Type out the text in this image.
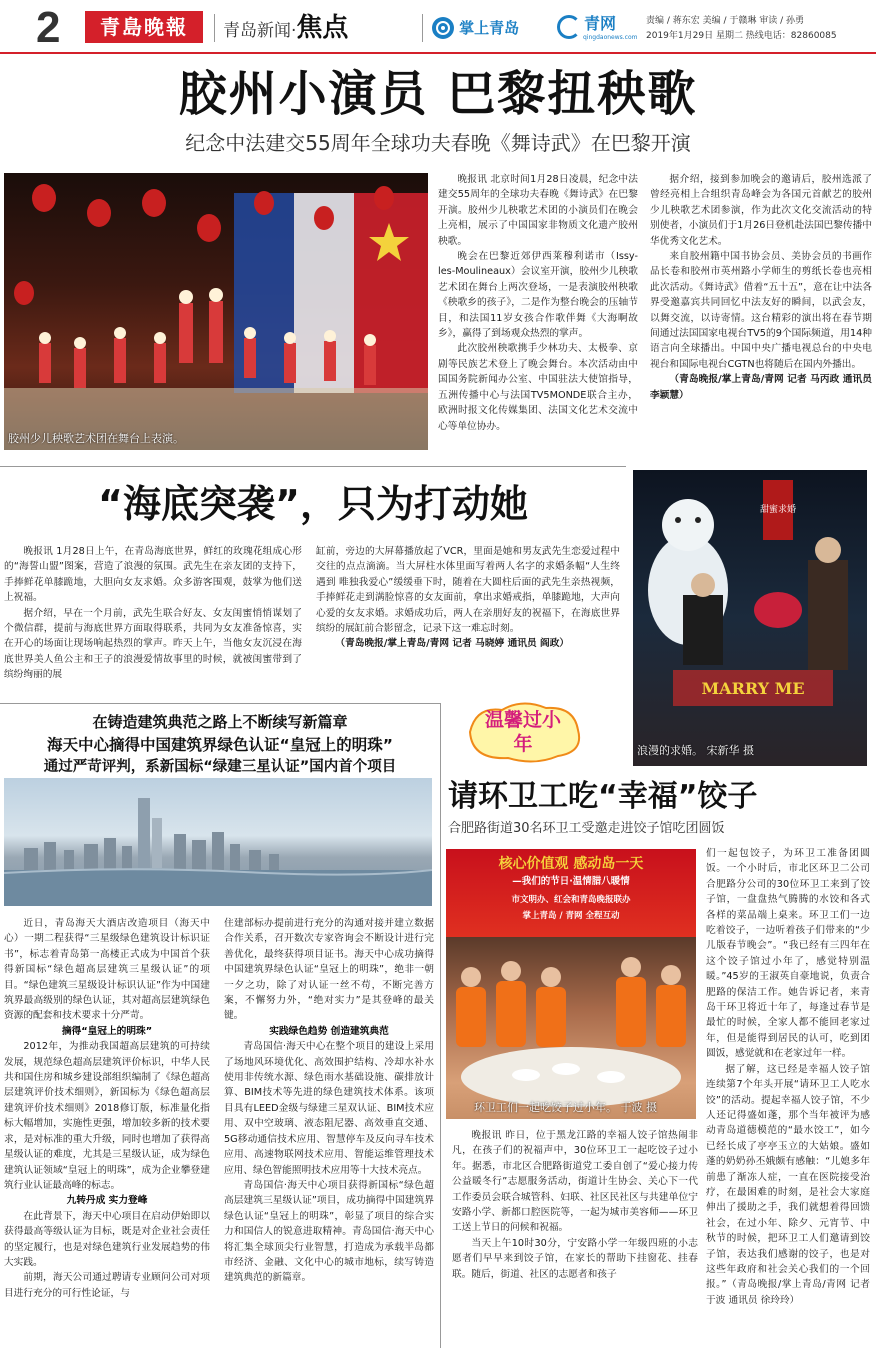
2	青島晚報	青岛新闻·焦点	掌上青岛	青网
qingdaonews.com
责编 / 蒋东宏 美编 / 于赣琳 审读 / 孙勇
2019年1月29日 星期二 热线电话：82860085
胶州小演员 巴黎扭秧歌
纪念中法建交55周年全球功夫春晚《舞诗武》在巴黎开演
胶州少儿秧歌艺术团在舞台上表演。

晚报讯 北京时间1月28日凌晨，纪念中法建交55周年的全球功夫春晚《舞诗武》在巴黎开演。胶州少儿秧歌艺术团的小演员们在晚会上亮相，展示了中国国家非物质文化遗产胶州秧歌。

晚会在巴黎近郊伊西莱穆利诺市（Issy-les-Moulineaux）会议室开演，胶州少儿秧歌艺术团在舞台上两次登场，一是表演胶州秧歌《秧歌乡的孩子》，二是作为整台晚会的压轴节目，和法国11岁女孩合作歌伴舞《大海啊故乡》，赢得了到场观众热烈的掌声。

此次胶州秧歌携手少林功夫、太极拳、京剧等民族艺术登上了晚会舞台。本次活动由中国国务院新闻办公室、中国驻法大使馆指导，五洲传播中心与法国TV5MONDE联合主办，欧洲时报文化传媒集团、法国文化艺术交流中心等单位协办。

据介绍，接到参加晚会的邀请后，胶州选派了曾经亮相上合组织青岛峰会为各国元首献艺的胶州少儿秧歌艺术团参演，作为此次文化交流活动的特别使者，小演员们于1月26日登机赴法国巴黎传播中华优秀文化艺术。

来自胶州籍中国书协会员、美协会员的书画作品长卷和胶州市英州路小学师生的剪纸长卷也亮相此次活动。《舞诗武》借着“五十五”，意在让中法各界受邀嘉宾共同回忆中法友好的瞬间，以武会友，以舞交流，以诗寄情。这台精彩的演出将在春节期间通过法国国家电视台TV5的9个国际频道，用14种语言向全球播出。中国中央广播电视总台的中央电视台和国际电视台CGTN也将随后在国内外播出。

（青岛晚报/掌上青岛/青网 记者 马丙政 通讯员 李颖慧）

“海底突袭”，只为打动她

晚报讯 1月28日上午，在青岛海底世界，鲜红的玫瑰花组成心形的“海誓山盟”图案，营造了浪漫的氛围。武先生在亲友团的支持下，手捧鲜花单膝跪地，大胆向女友求婚。众多游客围观，鼓掌为他们送上祝福。

据介绍，早在一个月前，武先生联合好友、女友闺蜜悄悄谋划了个微信群，提前与海底世界方面取得联系，共同为女友准备惊喜，实在开心的场面让现场响起热烈的掌声。昨天上午，当他女友沉浸在海底世界美人鱼公主和王子的浪漫爱情故事里的时候，就被闺蜜带到了缤纷绚丽的展

缸前，旁边的大屏幕播放起了VCR，里面是她和男友武先生恋爱过程中交往的点点滴滴。当大屏柱水体里面写着两人名字的求婚条幅“人生终遇到 唯独我爱心”缓缓垂下时，随着在大圆柱后面的武先生亲热视频，手捧鲜花走到满脸惊喜的女友面前，拿出求婚戒指，单膝跪地，大声向心爱的女友求婚。求婚成功后，两人在亲朋好友的祝福下，在海底世界缤纷的展缸前合影留念，记录下这一难忘时刻。

（青岛晚报/掌上青岛/青网 记者 马晓婷 通讯员 阎政）

甜蜜求婚
MARRY ME
浪漫的求婚。 宋新华 摄
在铸造建筑典范之路上不断续写新篇章
海天中心摘得中国建筑界绿色认证“皇冠上的明珠”
通过严苛评判，系新国标“绿建三星认证”国内首个项目

近日，青岛海天大酒店改造项目（海天中心）一期二程获得“三星级绿色建筑设计标识证书”，标志着青岛第一高楼正式成为中国首个获得新国标“绿色超高层建筑三星级认证”的项目。“绿色建筑三星级设计标识认证”作为中国建筑界最高级别的绿色认证，其对超高层建筑绿色资源的配套和技术要求十分严苛。

摘得“皇冠上的明珠”

2012年，为推动我国超高层建筑的可持续发展，规范绿色超高层建筑评价标识，中华人民共和国住房和城乡建设部组织编制了《绿色超高层建筑评价技术细则》，新国标为《绿色超高层建筑评价技术细则》2018修订版，标准量化指标大幅增加，实施性更强，增加较多新的技术要求，是对标准的重大升级，同时也增加了获得高星级认证的难度，尤其是三星级认证，成为绿色建筑认证领域“皇冠上的明珠”，成为企业攀登建筑行业认证最高峰的标志。

九转丹成 实力登峰

在此背景下，海天中心项目在启动伊始即以获得最高等级认证为目标，既是对企业社会责任的坚定履行，也是对绿色建筑行业发展趋势的伟大实践。

前期，海天公司通过聘请专业顾问公司对项目进行充分的可行性论证，与

住建部标办提前进行充分的沟通对接并建立数据合作关系，召开数次专家咨询会不断设计进行完善优化，最终获得项目证书。海天中心成功摘得中国建筑界绿色认证“皇冠上的明珠”，绝非一朝一夕之功，除了对认证一丝不苟，不断完善方案，不懈努力外，“绝对实力”是其登峰的最关键。

实践绿色趋势 创造建筑典范

青岛国信·海天中心在整个项目的建设上采用了场地风环境优化、高效围护结构、冷却水补水使用非传统水源、绿色雨水基础设施、碳排放计算、BIM技术等先进的绿色建筑技术体系。该项目具有LEED金级与绿建三星双认证、BIM技术应用、双中空玻璃、液态阻尼器、高效垂直交通、5G移动通信技术应用、智慧停车及反向寻车技术应用、高速物联网技术应用、智能运维管理技术应用、绿色智能照明技术应用等十大技术亮点。

青岛国信·海天中心项目获得新国标“绿色超高层建筑三星级认证”项目，成功摘得中国建筑界绿色认证“皇冠上的明珠”，彰显了项目的综合实力和国信人的锐意进取精神。青岛国信·海天中心将汇集全球顶尖行业智慧，打造成为承载半岛都市经济、金融、文化中心的城市地标，续写铸造建筑典范的新篇章。

温馨过小年
请环卫工吃“幸福”饺子
合肥路街道30名环卫工受邀走进饺子馆吃团圆饭
核心价值观 感动岛一天
—我们的节日·温情腊八暖情
市文明办、红会和青岛晚报联办
掌上青岛 / 青网 全程互动
环卫工们一起吃饺子过小年。 于波 摄

们一起包饺子，为环卫工准备团圆饭。一个小时后，市北区环卫二公司合肥路分公司的30位环卫工来到了饺子馆，一盘盘热气腾腾的水饺和各式各样的菜品端上桌来。环卫工们一边吃着饺子，一边听着孩子们带来的“少儿版春节晚会”。“我已经有三四年在这个饺子馆过小年了，感觉特别温暖。”45岁的王淑英自豪地说，负责合肥路的保洁工作。她告诉记者，来青岛干环卫将近十年了，每逢过春节是最忙的时候，全家人都不能回老家过年，但是能得到居民的认可，吃到团圆饭，感觉就和在老家过年一样。

据了解，这已经是幸福人饺子馆连续第7个年头开展“请环卫工人吃水饺”的活动。提起幸福人饺子馆，不少人还记得盛如蓬，那个当年被评为感动青岛道德模范的“最水饺工”，如今已经长成了亭亭玉立的大姑娘。盛如蓬的奶奶孙丕娥颇有感触：“儿媳多年前患了渐冻人症，一直在医院接受治疗，在最困难的时刻，是社会大家庭伸出了援助之手，我们就想着得回馈社会，在过小年、除夕、元宵节、中秋节的时候，把环卫工人们邀请到饺子馆，表达我们感谢的饺子，也是对这些年政府和社会关心我们的一个回报。”（青岛晚报/掌上青岛/青网 记者 于波 通讯员 徐玲玲）

晚报讯 昨日，位于黑龙江路的幸福人饺子馆热闹非凡，在孩子们的祝福声中，30位环卫工一起吃饺子过小年。据悉，市北区合肥路街道党工委自创了“爱心接力传 公益暖冬行”志愿服务活动，街道计生协会、关心下一代工作委员会联合城管科、妇联、社区民社区与共建单位宁安路小学、新都口腔医院等，一起为城市美容师——环卫工送上节日的问候和祝福。

当天上午10时30分，宁安路小学一年级四班的小志愿者们早早来到饺子馆，在家长的帮助下挂窗花、挂春联。随后，街道、社区的志愿者和孩子
